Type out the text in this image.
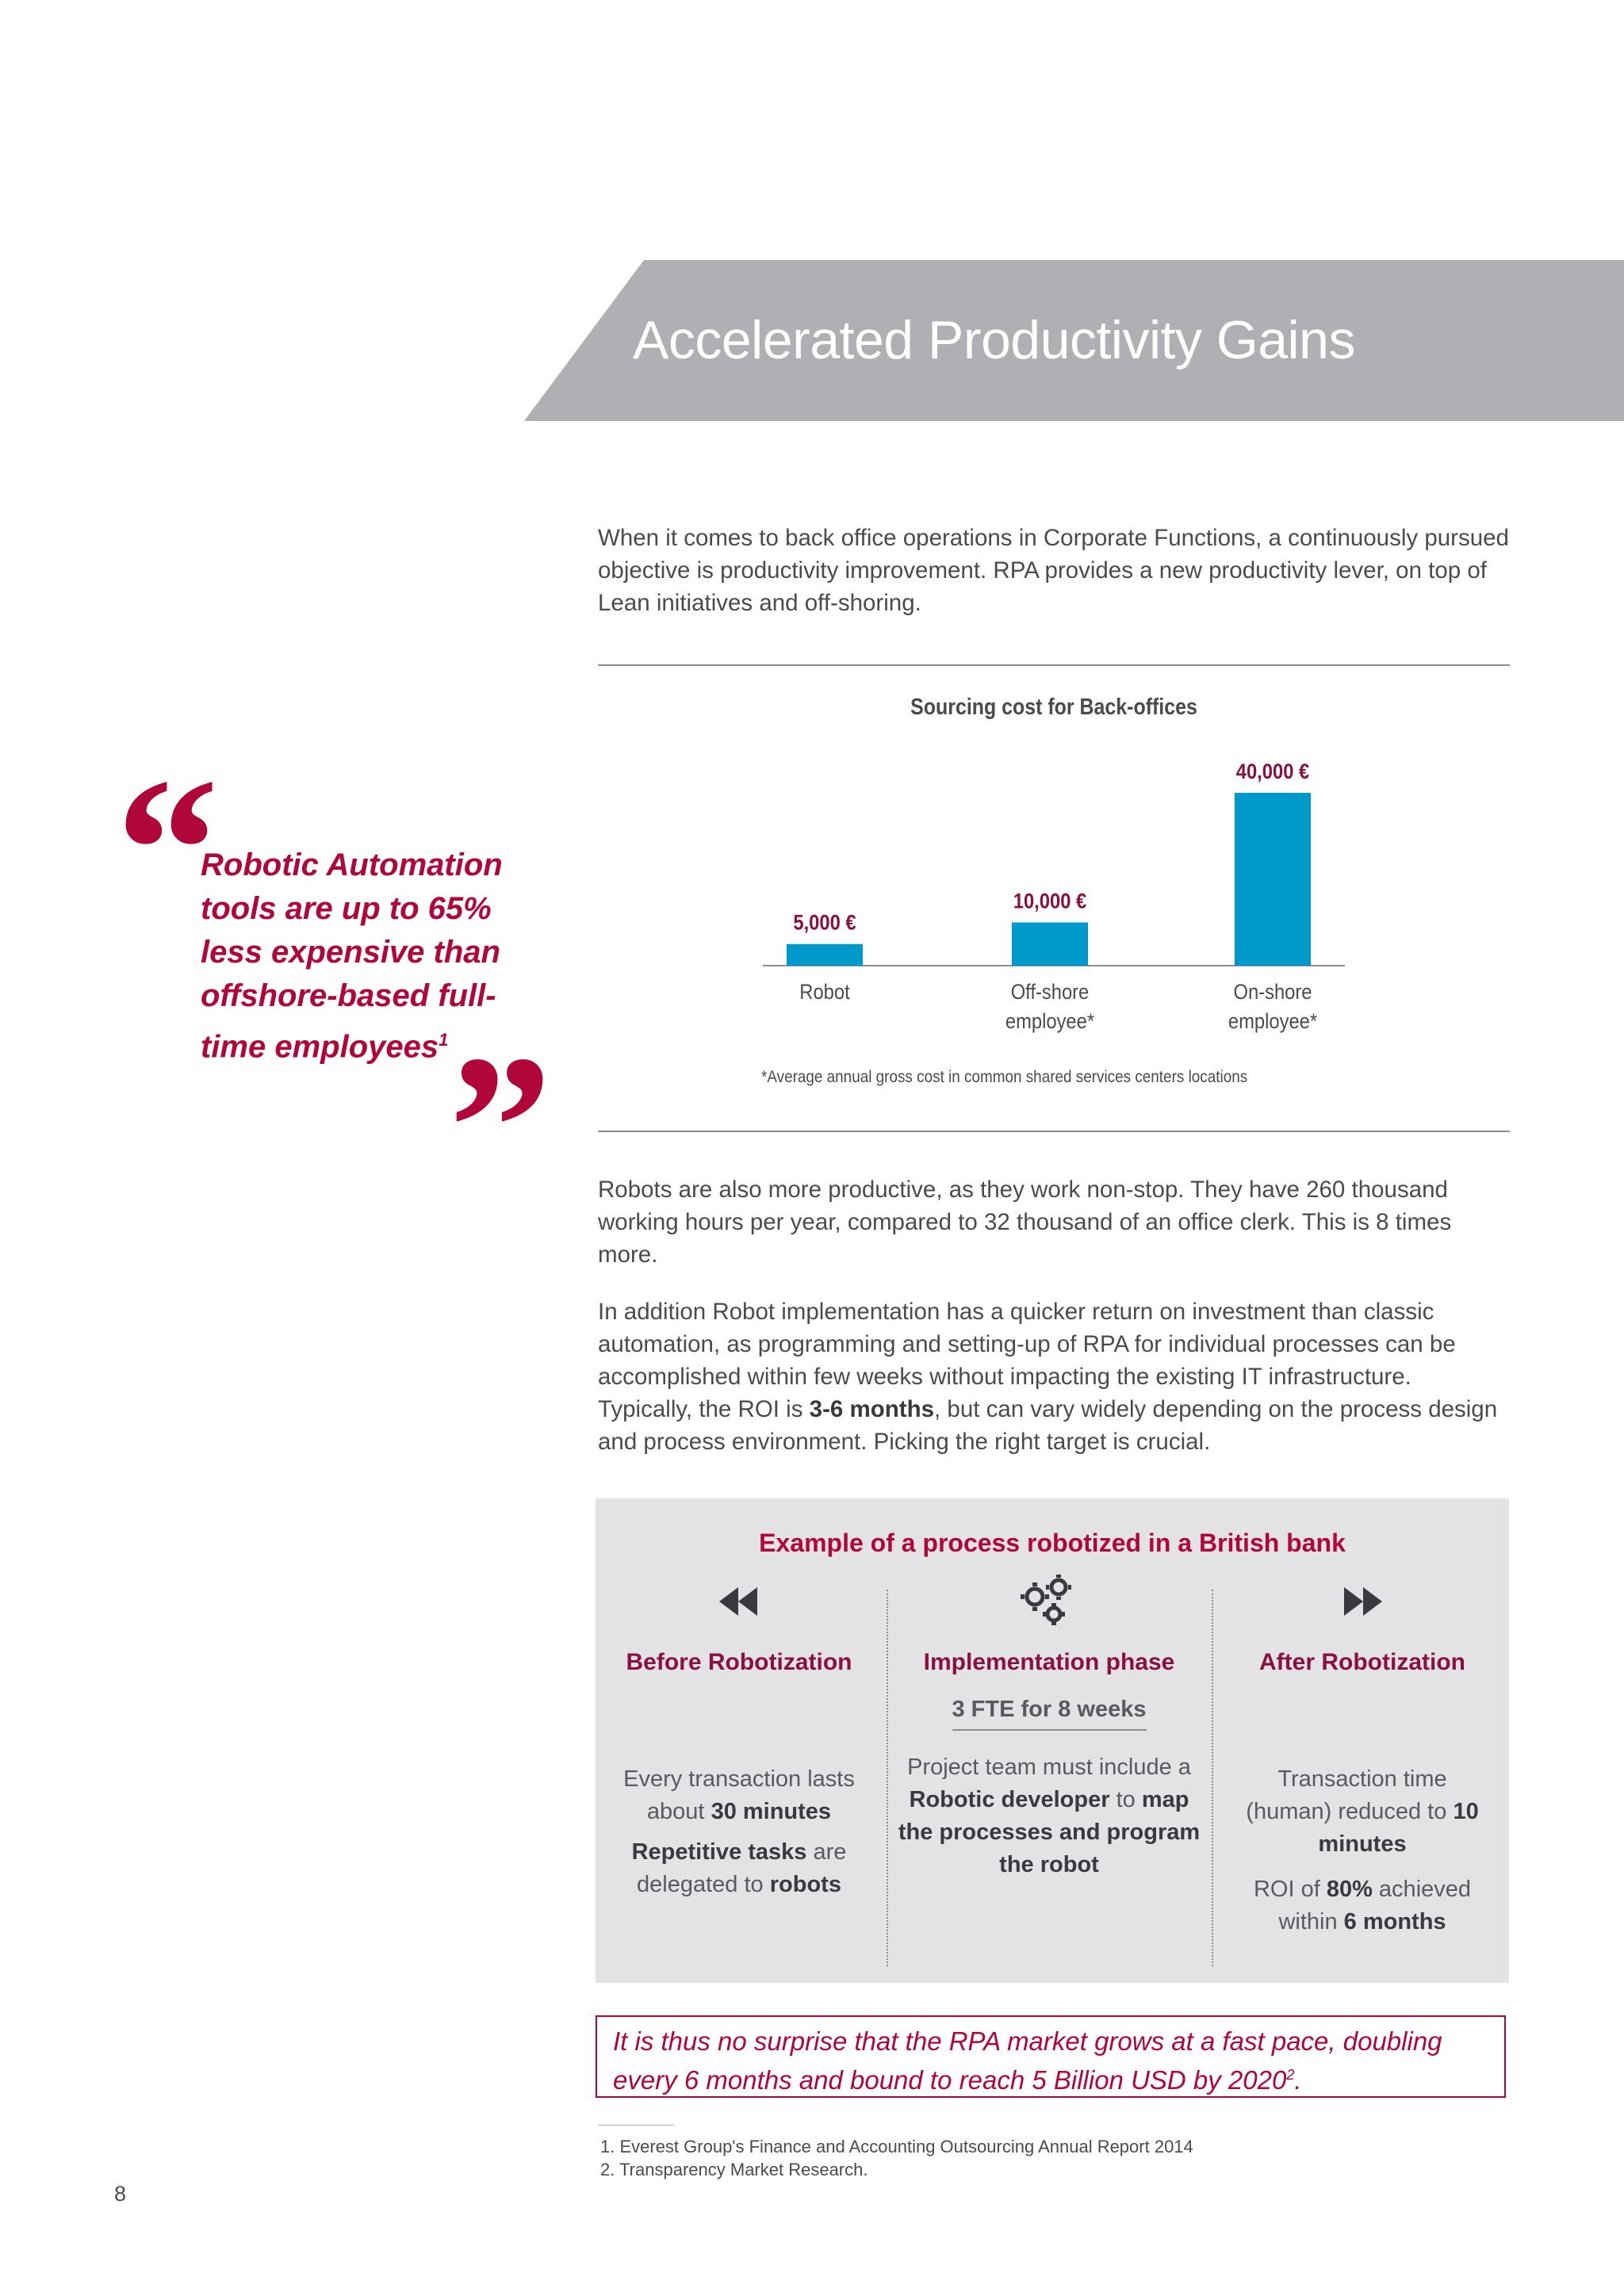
Accelerated Productivity Gains
When it comes to back office operations in Corporate Functions, a continuously pursued objective is productivity improvement. RPA provides a new productivity lever, on top of Lean initiatives and off-shoring.
Sourcing cost for Back-offices
5,000 €
Robot
10,000 €
Off-shore
employee*
40,000 €
On-shore
employee*
*Average annual gross cost in common shared services centers locations
“
Robotic Automation tools are up to 65% less expensive than offshore-based full-time employees$^1$ ” Robots are also more productive, as they work non-stop. They have 260 thousand working hours per year, compared to 32 thousand of an office clerk. This is 8 times more.
In addition Robot implementation has a quicker return on investment than classic automation, as programming and setting-up of RPA for individual processes can be accomplished within few weeks without impacting the existing IT infrastructure. Typically, the ROI is 3-6 months, but can vary widely depending on the process design and process environment. Picking the right target is crucial.
Example of a process robotized in a British bank
Before Robotization

Every transaction lasts about 30 minutes

Repetitive tasks are delegated to robots

Implementation phase
3 FTE for 8 weeks

Project team must include a Robotic developer to map the processes and program the robot

After Robotization

Transaction time (human) reduced to 10 minutes

ROI of 80% achieved within 6 months

It is thus no surprise that the RPA market grows at a fast pace, doubling every 6 months and bound to reach 5 Billion USD by 2020$^2$.
1. Everest Group's Finance and Accounting Outsourcing Annual Report 2014
2. Transparency Market Research.
8
